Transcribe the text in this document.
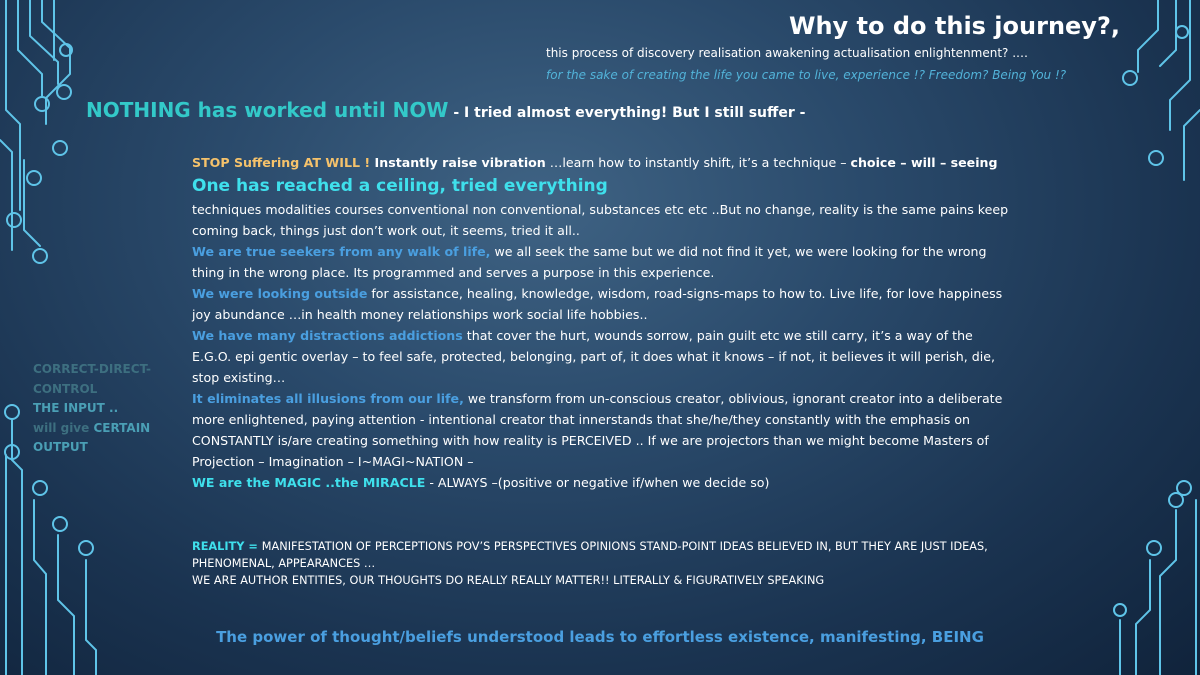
Why to do this journey?,
this process of discovery realisation awakening actualisation enlightenment? .…
for the sake of creating the life you came to live, experience !? Freedom? Being You !?
NOTHING has worked until NOW - I tried almost everything! But I still suffer -

STOP Suffering AT WILL ! Instantly raise vibration …learn how to instantly shift, it’s a technique – choice – will – seeing

One has reached a ceiling, tried everything

techniques modalities courses conventional non conventional, substances etc etc ..But no change, reality is the same pains keep coming back, things just don’t work out, it seems, tried it all..

We are true seekers from any walk of life, we all seek the same but we did not find it yet, we were looking for the wrong thing in the wrong place. Its programmed and serves a purpose in this experience.

We were looking outside for assistance, healing, knowledge, wisdom, road-signs-maps to how to. Live life, for love happiness joy abundance …in health money relationships work social life hobbies..

We have many distractions addictions that cover the hurt, wounds sorrow, pain guilt etc we still carry, it’s a way of the E.G.O. epi gentic overlay – to feel safe, protected, belonging, part of, it does what it knows – if not, it believes it will perish, die, stop existing…

It eliminates all illusions from our life, we transform from un-conscious creator, oblivious, ignorant creator into a deliberate more enlightened, paying attention - intentional creator that innerstands that she/he/they constantly with the emphasis on CONSTANTLY is/are creating something with how reality is PERCEIVED .. If we are projectors than we might become Masters of Projection – Imagination – I~MAGI~NATION –

WE are the MAGIC ..the MIRACLE - ALWAYS –(positive or negative if/when we decide so)

REALITY = MANIFESTATION OF PERCEPTIONS POV’S PERSPECTIVES OPINIONS STAND-POINT IDEAS BELIEVED IN, BUT THEY ARE JUST IDEAS, PHENOMENAL, APPEARANCES …
WE ARE AUTHOR ENTITIES, OUR THOUGHTS DO REALLY REALLY MATTER!! LITERALLY & FIGURATIVELY SPEAKING
CORRECT-DIRECT-
CONTROL
THE INPUT ..
will give CERTAIN
OUTPUT
The power of thought/beliefs understood leads to effortless existence, manifesting, BEING
